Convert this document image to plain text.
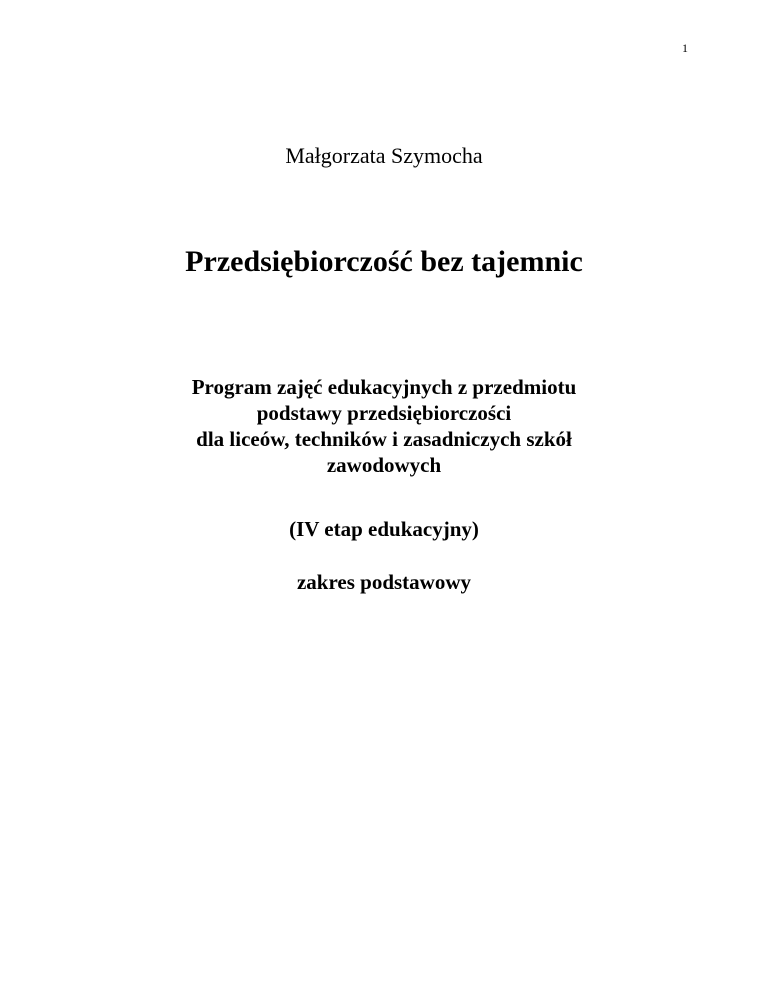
1
Małgorzata Szymocha
Przedsiębiorczość bez tajemnic
Program zajęć edukacyjnych z przedmiotu
podstawy przedsiębiorczości
dla liceów, techników i zasadniczych szkół
zawodowych
(IV etap edukacyjny)
zakres podstawowy
